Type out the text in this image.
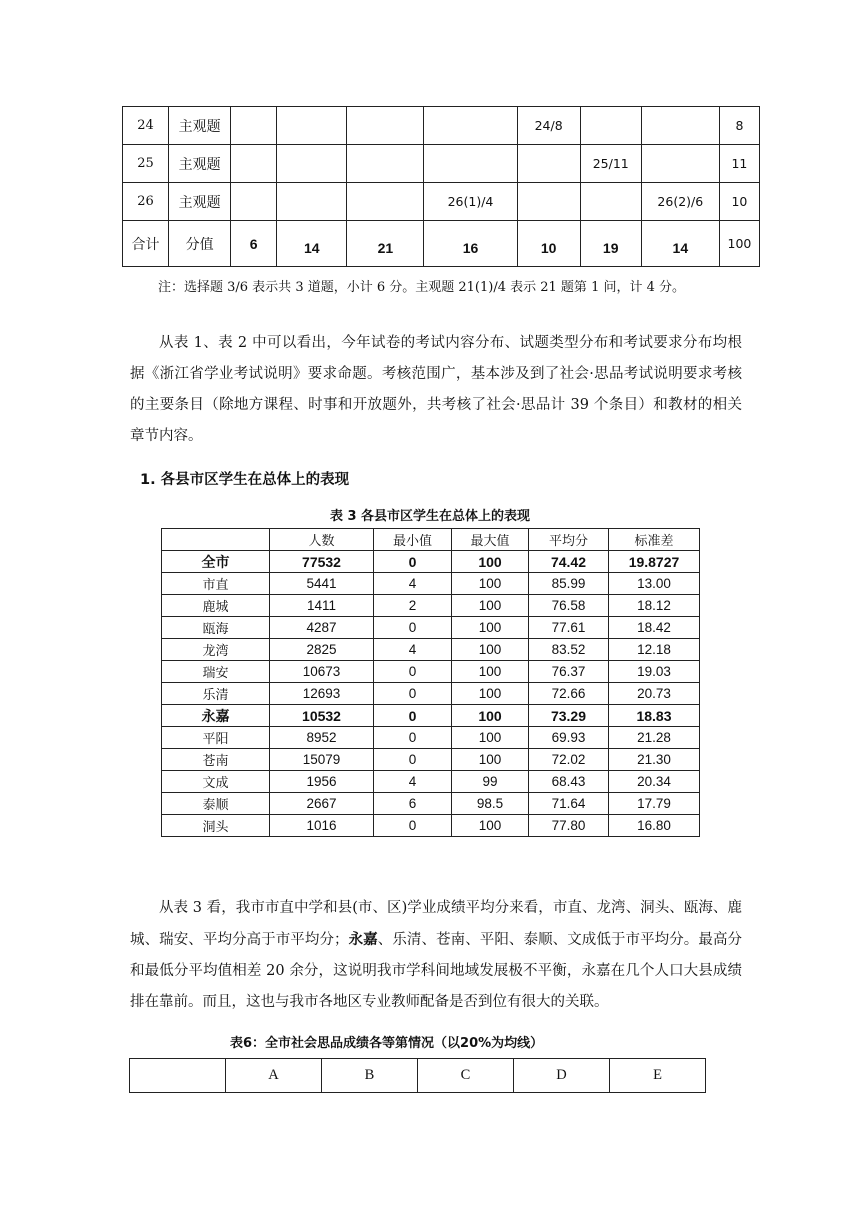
24	主观题					24/8			8
25	主观题						25/11		11
26	主观题				26(1)/4			26(2)/6	10
合计	分值	6	14	21	16	10	19	14	100
注：选择题 3/6 表示共 3 道题，小计 6 分。主观题 21(1)/4 表示 21 题第 1 问，计 4 分。

从表 1、表 2 中可以看出，今年试卷的考试内容分布、试题类型分布和考试要求分布均根据《浙江省学业考试说明》要求命题。考核范围广，基本涉及到了社会·思品考试说明要求考核的主要条目（除地方课程、时事和开放题外，共考核了社会·思品计 39 个条目）和教材的相关章节内容。

1. 各县市区学生在总体上的表现
表 3 各县市区学生在总体上的表现
	人数	最小值	最大值	平均分	标准差
全市	77532	0	100	74.42	19.8727
市直	5441	4	100	85.99	13.00
鹿城	1411	2	100	76.58	18.12
瓯海	4287	0	100	77.61	18.42
龙湾	2825	4	100	83.52	12.18
瑞安	10673	0	100	76.37	19.03
乐清	12693	0	100	72.66	20.73
永嘉	10532	0	100	73.29	18.83
平阳	8952	0	100	69.93	21.28
苍南	15079	0	100	72.02	21.30
文成	1956	4	99	68.43	20.34
泰顺	2667	6	98.5	71.64	17.79
洞头	1016	0	100	77.80	16.80

从表 3 看，我市市直中学和县(市、区)学业成绩平均分来看，市直、龙湾、洞头、瓯海、鹿城、瑞安、平均分高于市平均分；永嘉、乐清、苍南、平阳、泰顺、文成低于市平均分。最高分和最低分平均值相差 20 余分，这说明我市学科间地域发展极不平衡，永嘉在几个人口大县成绩排在靠前。而且，这也与我市各地区专业教师配备是否到位有很大的关联。

表6：全市社会思品成绩各等第情况（以20%为均线）
	A	B	C	D	E
